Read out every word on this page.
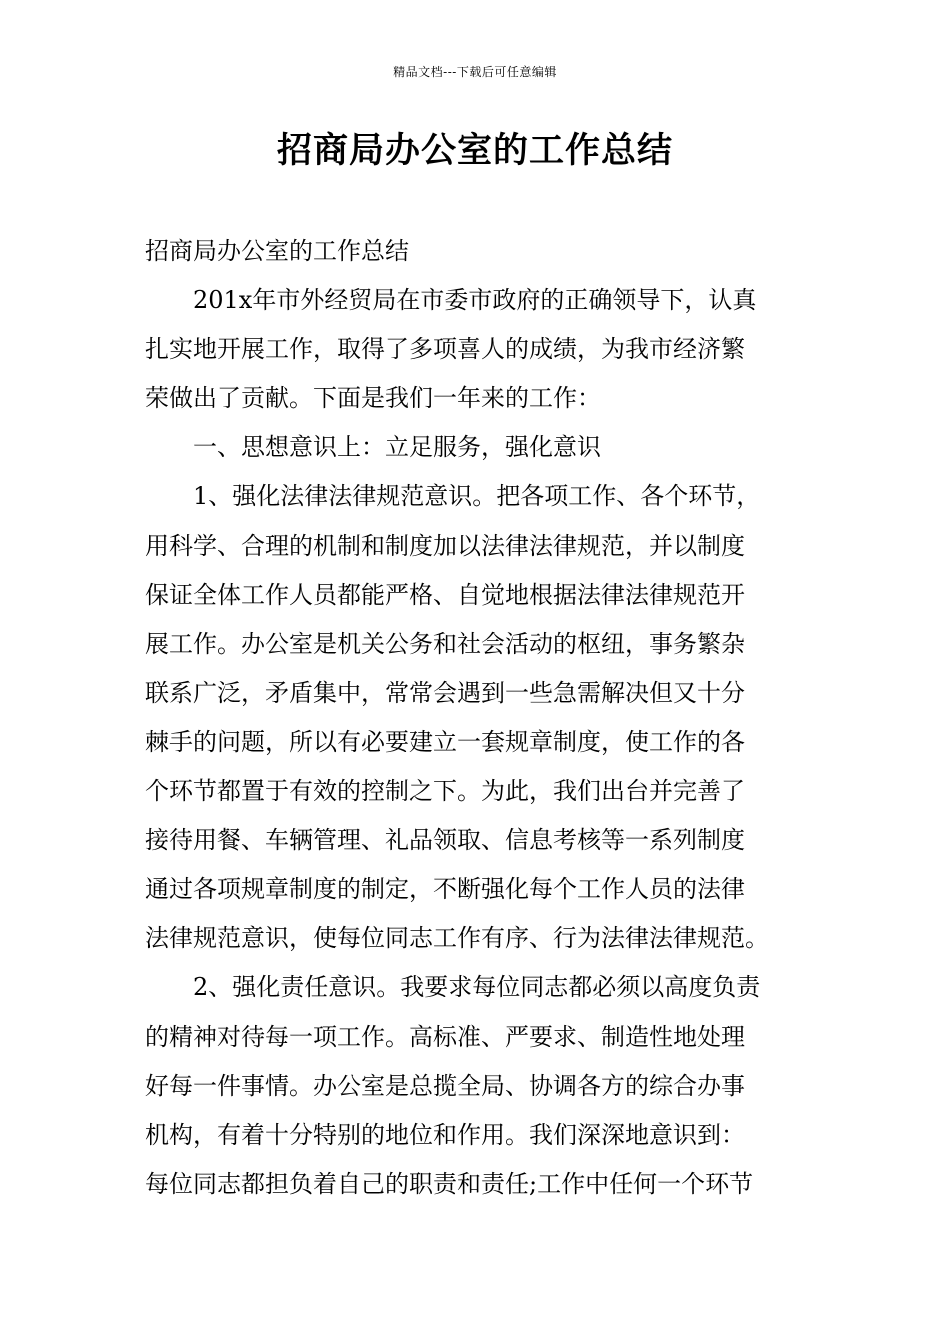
精品文档---下载后可任意编辑
招商局办公室的工作总结
招商局办公室的工作总结
201x年市外经贸局在市委市政府的正确领导下，认真
扎实地开展工作，取得了多项喜人的成绩，为我市经济繁
荣做出了贡献。下面是我们一年来的工作：
一、思想意识上：立足服务，强化意识
1、强化法律法律规范意识。把各项工作、各个环节，
用科学、合理的机制和制度加以法律法律规范，并以制度
保证全体工作人员都能严格、自觉地根据法律法律规范开
展工作。办公室是机关公务和社会活动的枢纽，事务繁杂
联系广泛，矛盾集中，常常会遇到一些急需解决但又十分
棘手的问题，所以有必要建立一套规章制度，使工作的各
个环节都置于有效的控制之下。为此，我们出台并完善了
接待用餐、车辆管理、礼品领取、信息考核等一系列制度
通过各项规章制度的制定，不断强化每个工作人员的法律
法律规范意识，使每位同志工作有序、行为法律法律规范。
2、强化责任意识。我要求每位同志都必须以高度负责
的精神对待每一项工作。高标准、严要求、制造性地处理
好每一件事情。办公室是总揽全局、协调各方的综合办事
机构，有着十分特别的地位和作用。我们深深地意识到：
每位同志都担负着自己的职责和责任;工作中任何一个环节
